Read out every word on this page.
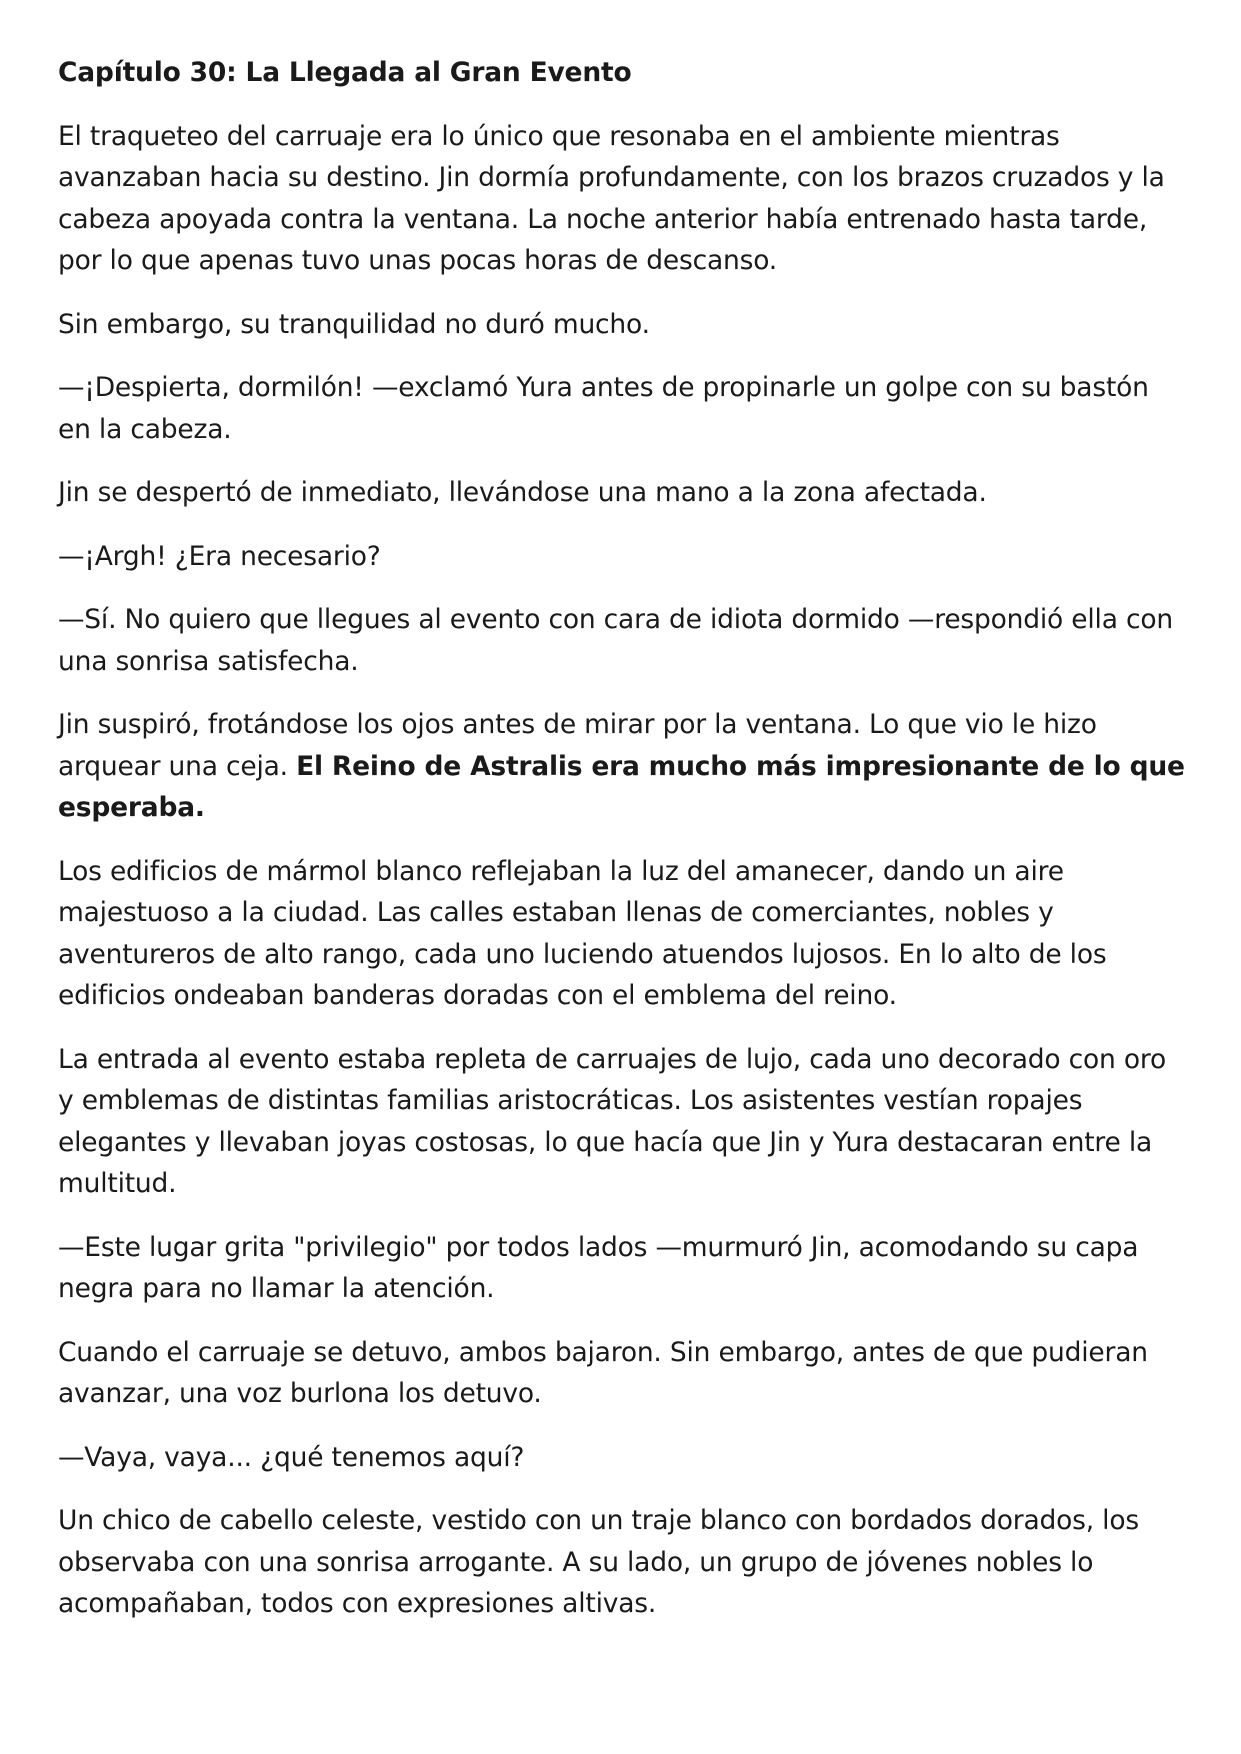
Capítulo 30: La Llegada al Gran Evento

El traqueteo del carruaje era lo único que resonaba en el ambiente mientras avanzaban hacia su destino. Jin dormía profundamente, con los brazos cruzados y la cabeza apoyada contra la ventana. La noche anterior había entrenado hasta tarde, por lo que apenas tuvo unas pocas horas de descanso.

Sin embargo, su tranquilidad no duró mucho.

—¡Despierta, dormilón! —exclamó Yura antes de propinarle un golpe con su bastón en la cabeza.

Jin se despertó de inmediato, llevándose una mano a la zona afectada.

—¡Argh! ¿Era necesario?

—Sí. No quiero que llegues al evento con cara de idiota dormido —respondió ella con una sonrisa satisfecha.

Jin suspiró, frotándose los ojos antes de mirar por la ventana. Lo que vio le hizo arquear una ceja. El Reino de Astralis era mucho más impresionante de lo que esperaba.

Los edificios de mármol blanco reflejaban la luz del amanecer, dando un aire majestuoso a la ciudad. Las calles estaban llenas de comerciantes, nobles y aventureros de alto rango, cada uno luciendo atuendos lujosos. En lo alto de los edificios ondeaban banderas doradas con el emblema del reino.

La entrada al evento estaba repleta de carruajes de lujo, cada uno decorado con oro y emblemas de distintas familias aristocráticas. Los asistentes vestían ropajes elegantes y llevaban joyas costosas, lo que hacía que Jin y Yura destacaran entre la multitud.

—Este lugar grita "privilegio" por todos lados —murmuró Jin, acomodando su capa negra para no llamar la atención.

Cuando el carruaje se detuvo, ambos bajaron. Sin embargo, antes de que pudieran avanzar, una voz burlona los detuvo.

—Vaya, vaya... ¿qué tenemos aquí?

Un chico de cabello celeste, vestido con un traje blanco con bordados dorados, los observaba con una sonrisa arrogante. A su lado, un grupo de jóvenes nobles lo acompañaban, todos con expresiones altivas.
